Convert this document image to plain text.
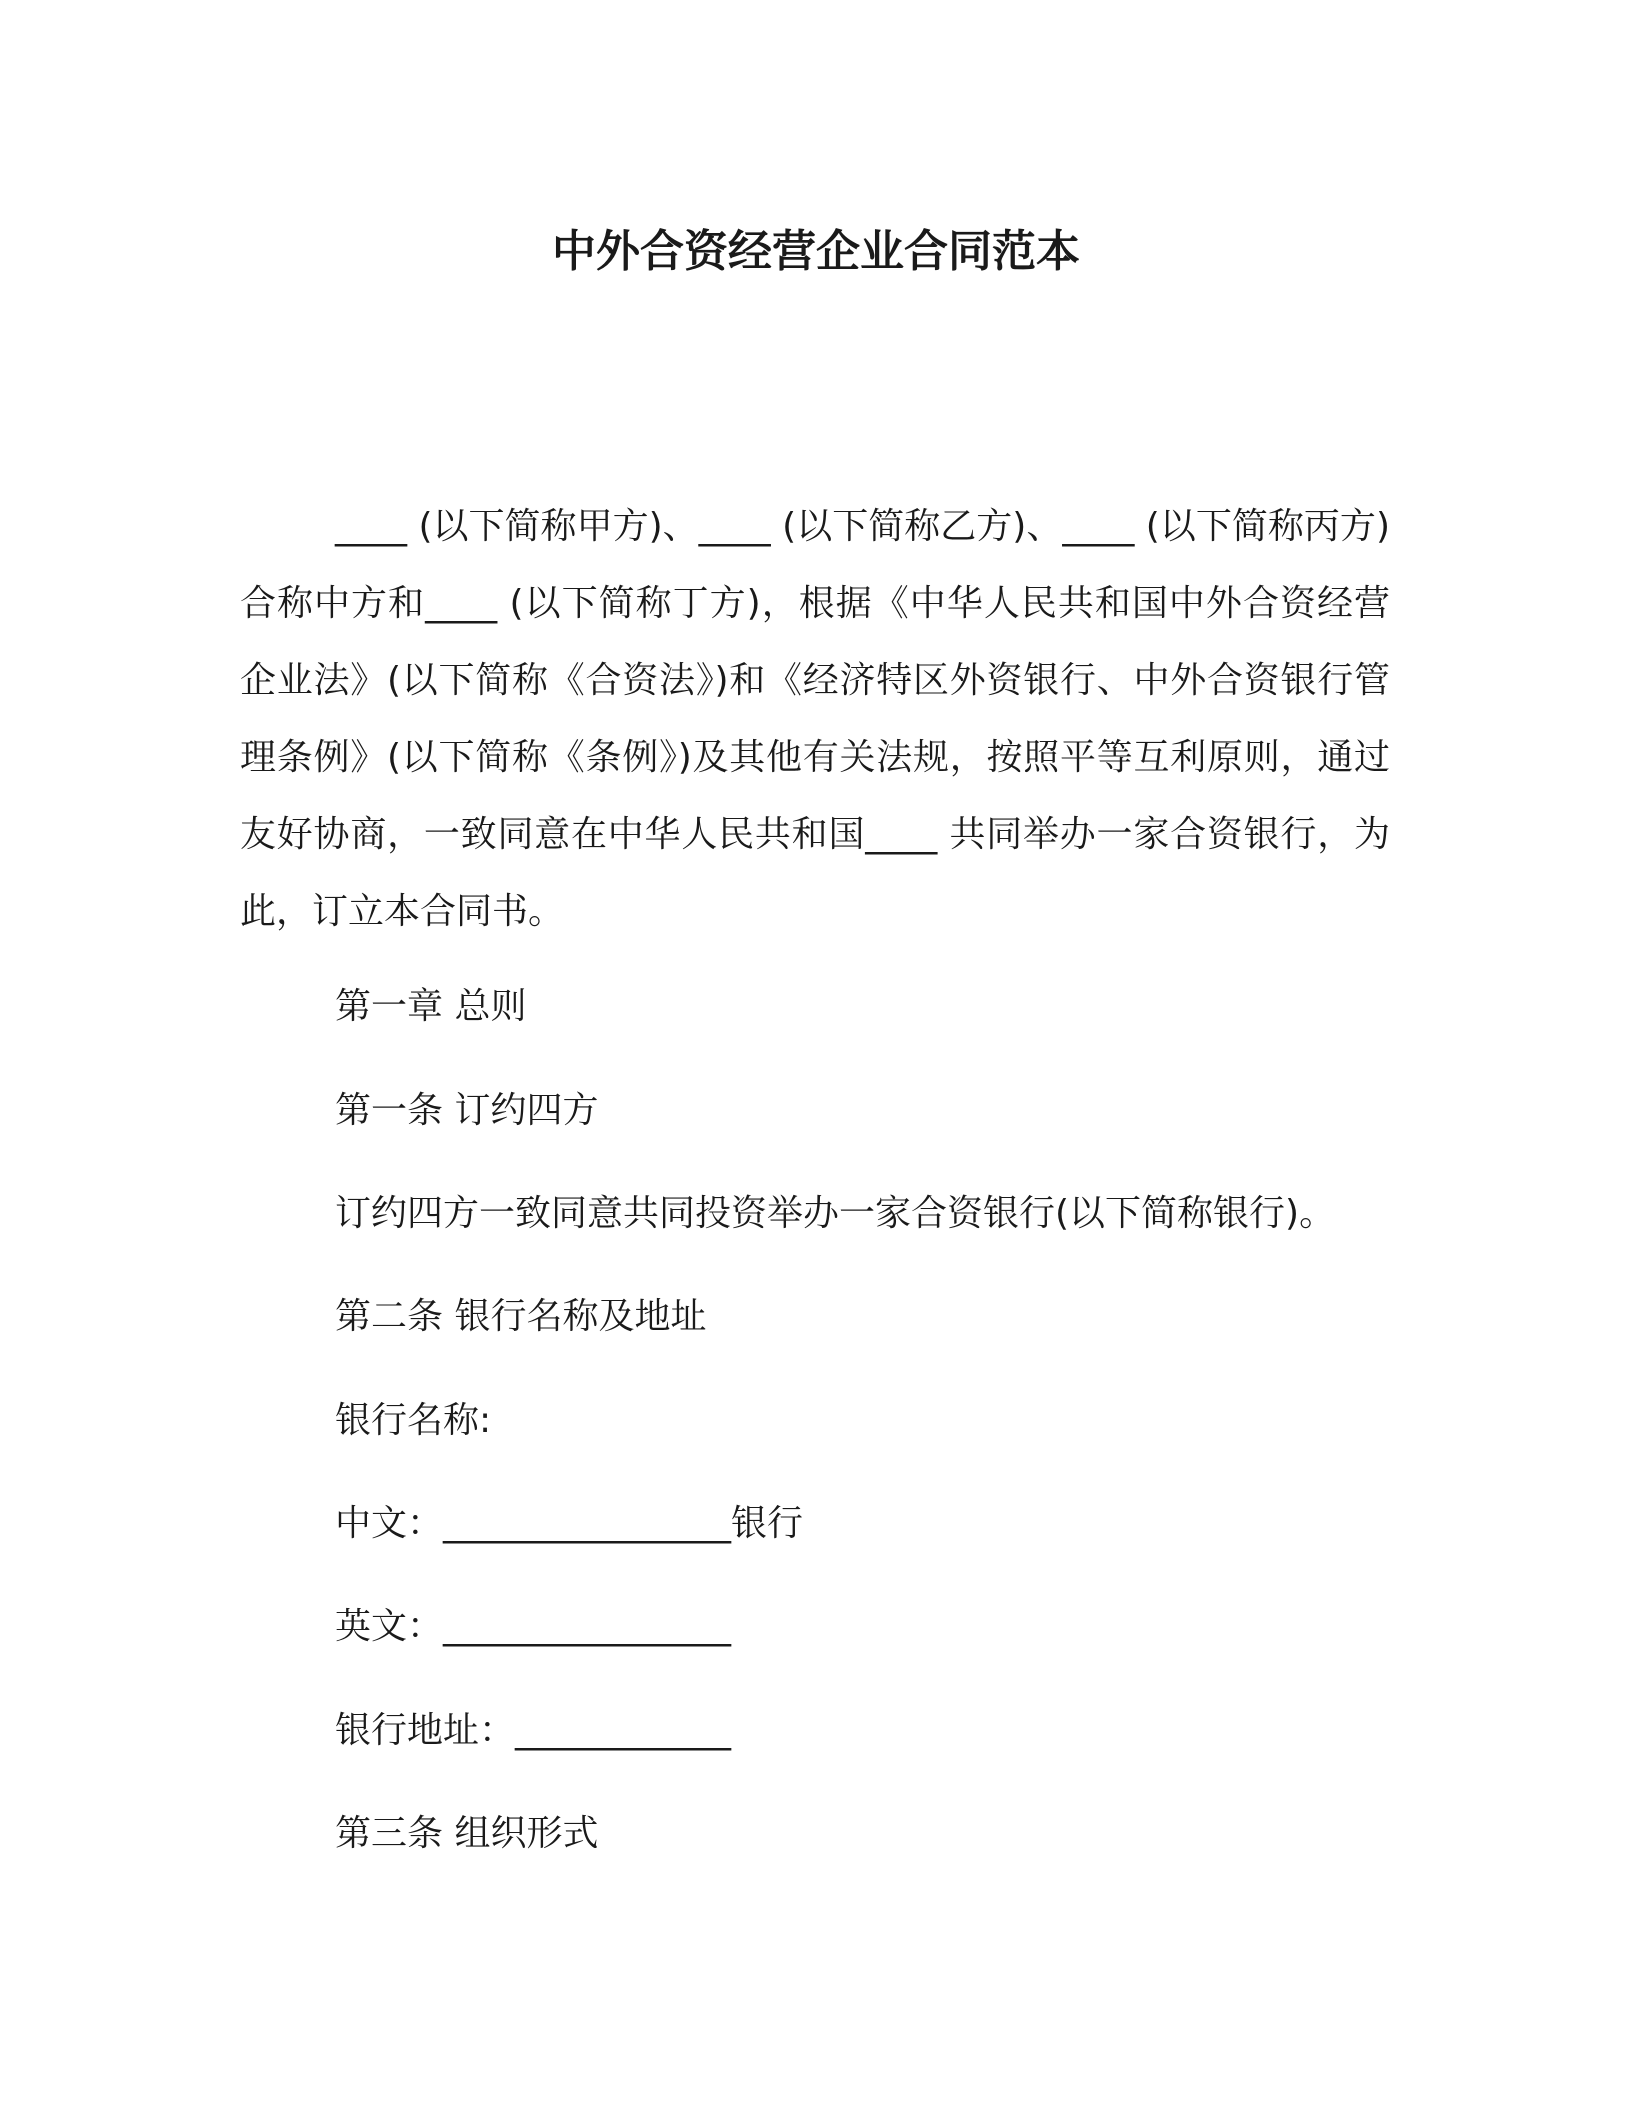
中外合资经营企业合同范本

____ (以下简称甲方)、____ (以下简称乙方)、____ (以下简称丙方)合称中方和____ (以下简称丁方)，根据《中华人民共和国中外合资经营企业法》(以下简称《合资法》)和《经济特区外资银行、中外合资银行管理条例》(以下简称《条例》)及其他有关法规，按照平等互利原则，通过友好协商，一致同意在中华人民共和国____ 共同举办一家合资银行，为此，订立本合同书。

第一章 总则

第一条 订约四方

订约四方一致同意共同投资举办一家合资银行(以下简称银行)。

第二条 银行名称及地址

银行名称:

中文：________________银行

英文：________________

银行地址：____________

第三条 组织形式
